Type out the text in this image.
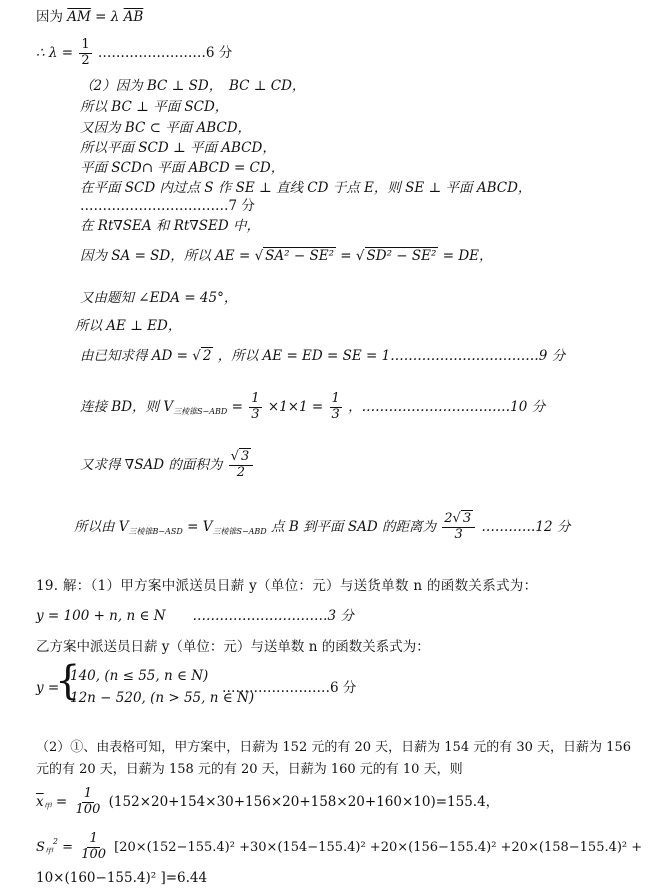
因为 $\overline{AM} = \lambda$ $\overline{AB}$
∴ $\lambda = \frac{1}{2}$ ……………………6 分
（2）因为 BC ⊥ SD，　BC ⊥ CD，
所以 BC ⊥ 平面 SCD，
又因为 BC ⊂ 平面 ABCD，
所以平面 SCD ⊥ 平面 ABCD，
平面 SCD∩ 平面 ABCD = CD，
在平面 SCD 内过点 S 作 SE ⊥ 直线 CD 于点 E，则 SE ⊥ 平面 ABCD，
……………………………7 分
在 Rt∇SEA 和 Rt∇SED 中，
因为 SA = SD，所以 AE = √ SA² − SE² = √ SD² − SE² = DE，
又由题知 ∠EDA = 45°，
所以 AE ⊥ ED，
由已知求得 AD = √ 2 ，所以 AE = ED = SE = 1……………………………9 分
连接 BD，则 $V_{三棱锥S-ABD} = \frac{1}{3} \times 1\times 1 = \frac{1}{3}$ ，……………………………10 分
又求得 ∇SAD 的面积为 $\frac{√ 3}{2}$
所以由 $V_{三棱锥B-ASD} = V_{三棱锥S-ABD}$ 点 B 到平面 SAD 的距离为 $\frac{2√ 3}{3}$ …………12 分
19. 解：（1）甲方案中派送员日薪 y（单位：元）与送货单数 n 的函数关系式为：
y = 100 + n, n ∈ N　　…………………………3 分
乙方案中派送员日薪 y（单位：元）与送单数 n 的函数关系式为：
y =
{
140, (n ≤ 55, n ∈ N)
12n − 520, (n > 55, n ∈ N)
……………………6 分
（2）①、由表格可知，甲方案中，日薪为 152 元的有 20 天，日薪为 154 元的有 30 天，日薪为 156
元的有 20 天，日薪为 158 元的有 20 天，日薪为 160 元的有 10 天，则
$\overline{x}_甲 = \frac{1}{100} (152\times 20+154\times 30+156\times 20+158\times 20+160\times 10)=155.4$，
$S_甲^2 = \frac{1}{100} [20\times(152-155.4)^2 +30\times(154-155.4)^2 +20\times(156-155.4)^2 +20\times(158-155.4)^2$ +
10×(160−155.4)² ]=6.44
